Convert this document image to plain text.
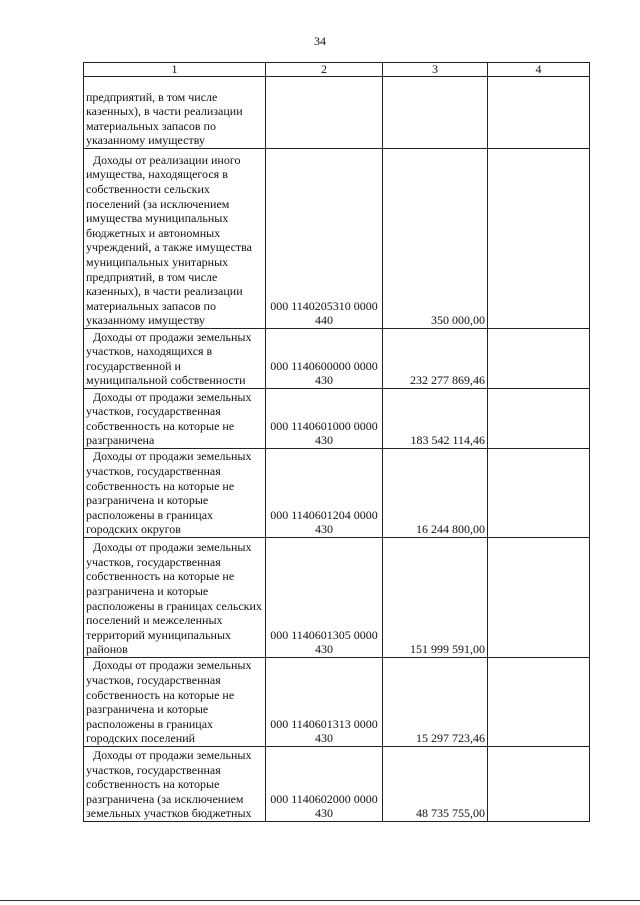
34
1	2	3	4

предприятий, в том числе казенных), в части реализации материальных запасов по указанному имуществу			

Доходы от реализации иного имущества, находящегося в собственности сельских поселений (за исключением имущества муниципальных бюджетных и автономных учреждений, а также имущества муниципальных унитарных предприятий, в том числе казенных), в части реализации материальных запасов по указанному имуществу	000 1140205310 0000 440	350 000,00	

Доходы от продажи земельных участков, находящихся в государственной и муниципальной собственности	000 1140600000 0000 430	232 277 869,46	

Доходы от продажи земельных участков, государственная собственность на которые не разграничена	000 1140601000 0000 430	183 542 114,46	

Доходы от продажи земельных участков, государственная собственность на которые не разграничена и которые расположены в границах городских округов	000 1140601204 0000 430	16 244 800,00	

Доходы от продажи земельных участков, государственная собственность на которые не разграничена и которые расположены в границах сельских поселений и межселенных территорий муниципальных районов	000 1140601305 0000 430	151 999 591,00	

Доходы от продажи земельных участков, государственная собственность на которые не разграничена и которые расположены в границах городских поселений	000 1140601313 0000 430	15 297 723,46	

Доходы от продажи земельных участков, государственная собственность на которые разграничена (за исключением земельных участков бюджетных	000 1140602000 0000 430	48 735 755,00	
